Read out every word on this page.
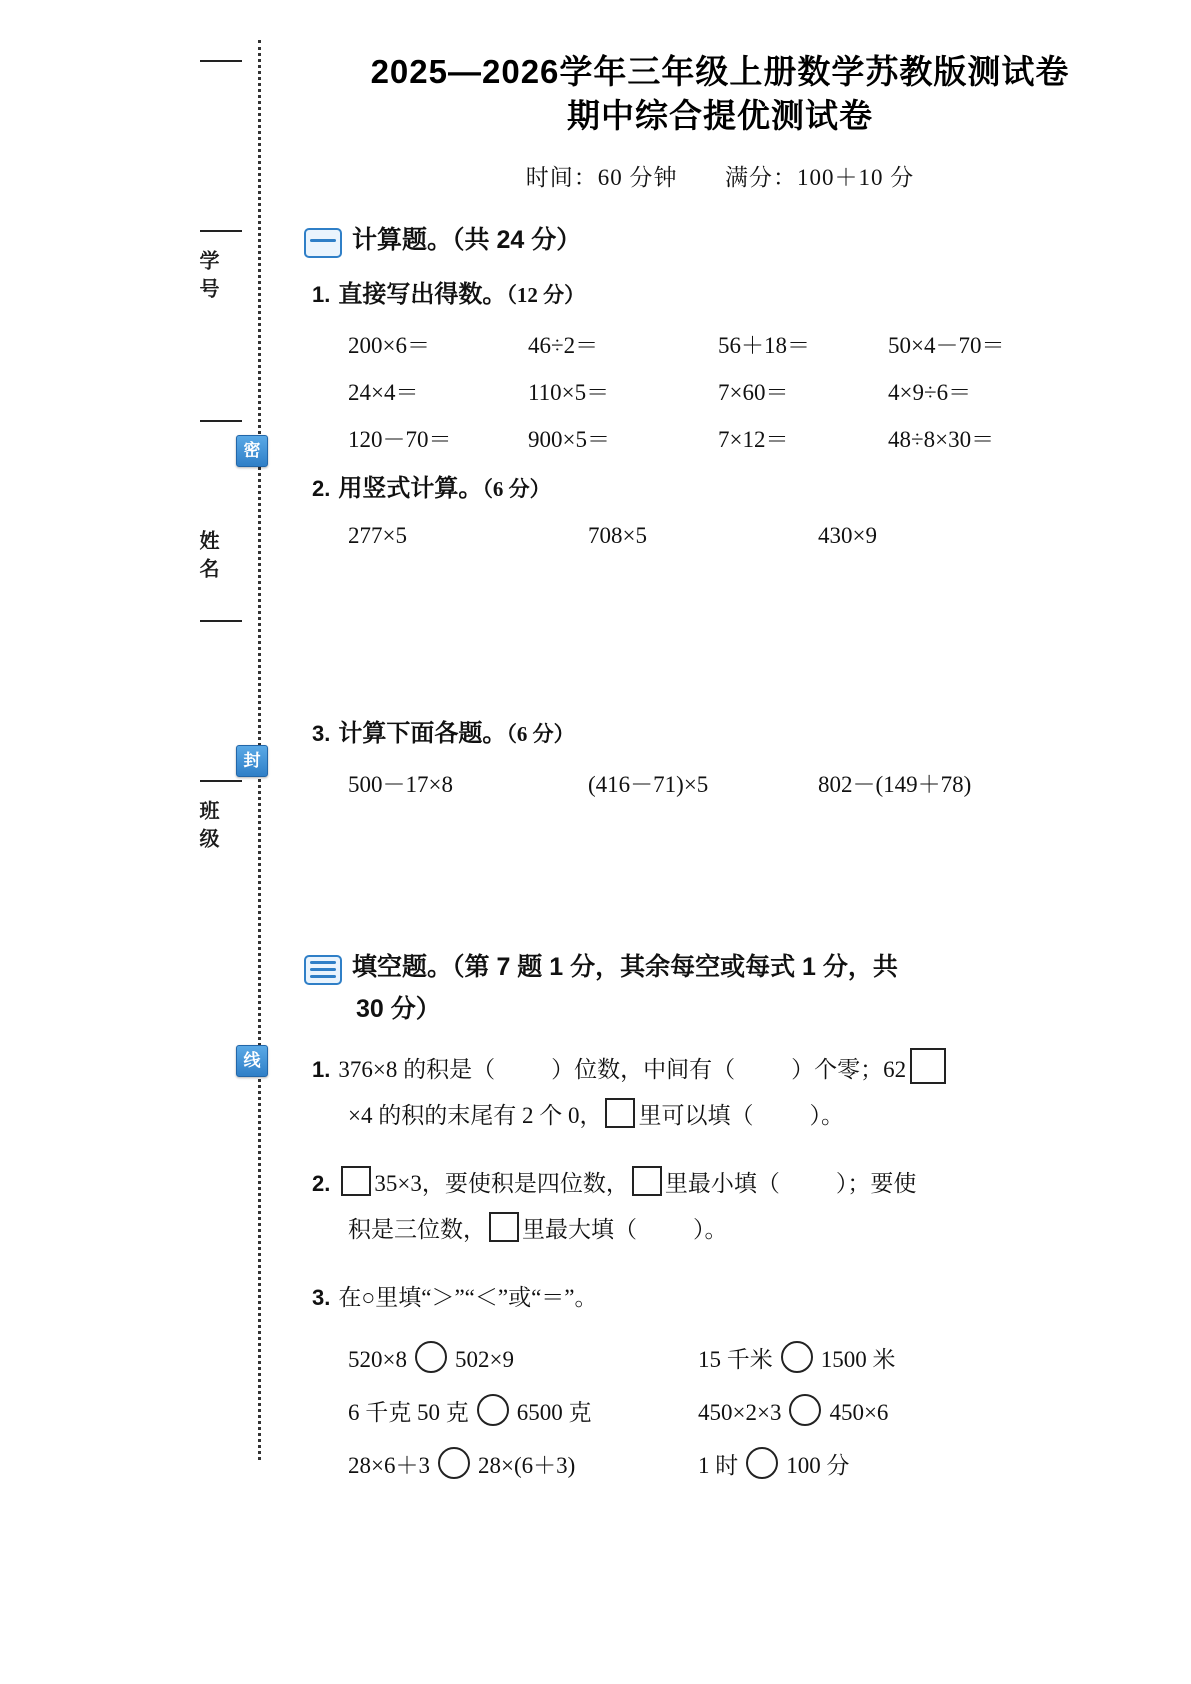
学号
姓名
班级
密
封
线
2025—2026学年三年级上册数学苏教版测试卷
期中综合提优测试卷
时间：60 分钟 满分：100＋10 分
计算题。（共 24 分）
1. 直接写出得数。（12 分）
200×6＝	46÷2＝	56＋18＝	50×4－70＝
24×4＝	110×5＝	7×60＝	4×9÷6＝
120－70＝	900×5＝	7×12＝	48÷8×30＝
2. 用竖式计算。（6 分）
277×5	708×5	430×9
3. 计算下面各题。（6 分）
500－17×8	(416－71)×5	802－(149＋78)
填空题。（第 7 题 1 分，其余每空或每式 1 分，共
30 分）
1. 376×8 的积是（ ）位数，中间有（ ）个零；62
×4 的积的末尾有 2 个 0， 里可以填（ ）。
2. 35×3，要使积是四位数， 里最小填（ ）；要使
积是三位数， 里最大填（ ）。
3. 在○里填“＞”“＜”或“＝”。
520×8 502×9	15 千米 1500 米
6 千克 50 克 6500 克	450×2×3 450×6
28×6＋3 28×(6＋3)	1 时 100 分
